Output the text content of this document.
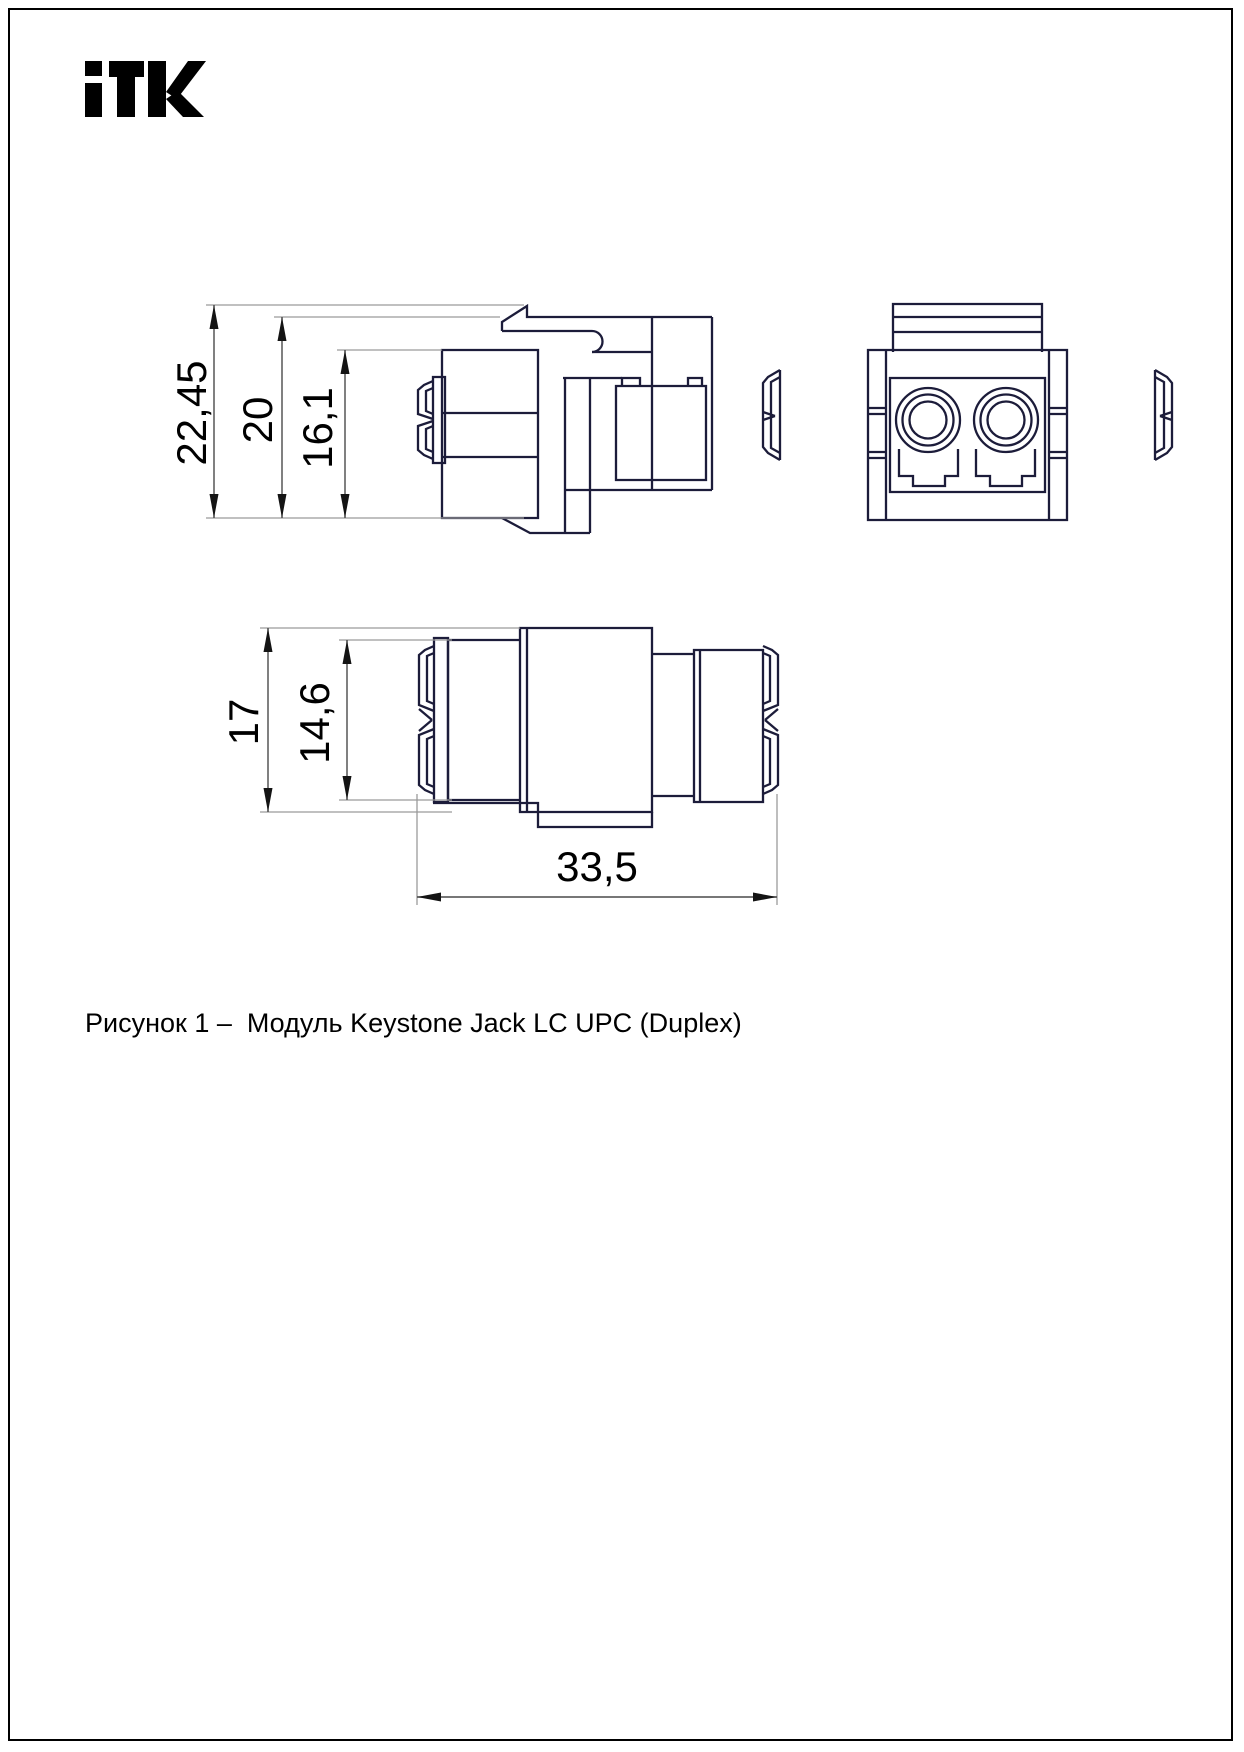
22,45 20 16,1
17 14,6
33,5
Рисунок 1 –  Модуль Keystone Jack LC UPC (Duplex)
